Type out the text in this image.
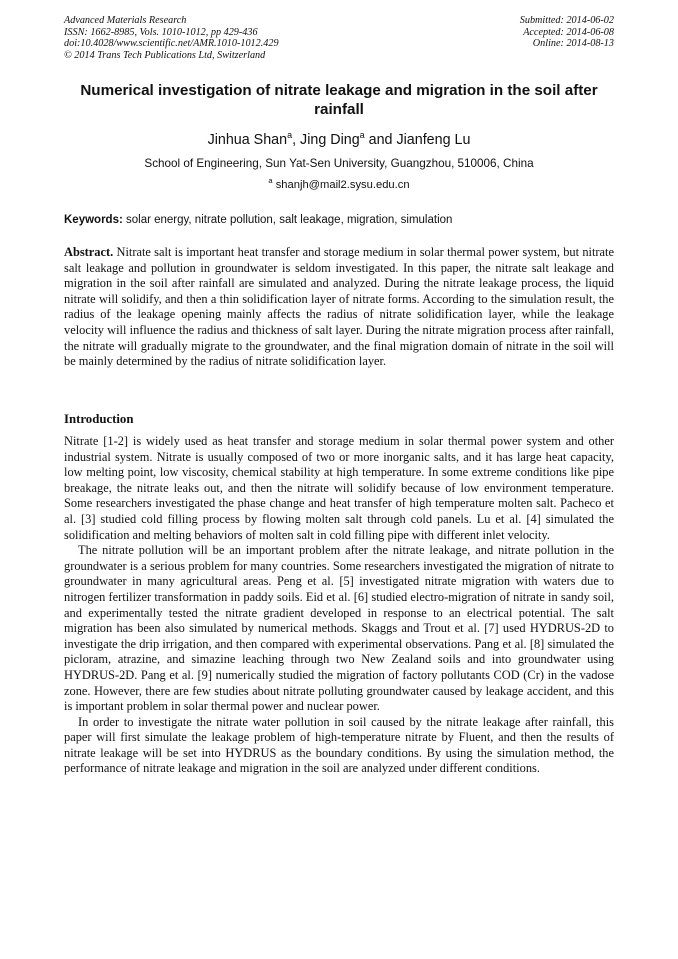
Advanced Materials Research
ISSN: 1662-8985, Vols. 1010-1012, pp 429-436
doi:10.4028/www.scientific.net/AMR.1010-1012.429
© 2014 Trans Tech Publications Ltd, Switzerland
Submitted: 2014-06-02
Accepted: 2014-06-08
Online: 2014-08-13
Numerical investigation of nitrate leakage and migration in the soil after rainfall
Jinhua Shan$^a$, Jing Ding$^a$ and Jianfeng Lu
School of Engineering, Sun Yat-Sen University, Guangzhou, 510006, China
$^a$ shanjh@mail2.sysu.edu.cn
Keywords: solar energy, nitrate pollution, salt leakage, migration, simulation
Abstract. Nitrate salt is important heat transfer and storage medium in solar thermal power system, but nitrate salt leakage and pollution in groundwater is seldom investigated. In this paper, the nitrate salt leakage and migration in the soil after rainfall are simulated and analyzed. During the nitrate leakage process, the liquid nitrate will solidify, and then a thin solidification layer of nitrate forms. According to the simulation result, the radius of the leakage opening mainly affects the radius of nitrate solidification layer, while the leakage velocity will influence the radius and thickness of salt layer. During the nitrate migration process after rainfall, the nitrate will gradually migrate to the groundwater, and the final migration domain of nitrate in the soil will be mainly determined by the radius of nitrate solidification layer.
Introduction

Nitrate [1-2] is widely used as heat transfer and storage medium in solar thermal power system and other industrial system. Nitrate is usually composed of two or more inorganic salts, and it has large heat capacity, low melting point, low viscosity, chemical stability at high temperature. In some extreme conditions like pipe breakage, the nitrate leaks out, and then the nitrate will solidify because of low environment temperature. Some researchers investigated the phase change and heat transfer of high temperature molten salt. Pacheco et al. [3] studied cold filling process by flowing molten salt through cold panels. Lu et al. [4] simulated the solidification and melting behaviors of molten salt in cold filling pipe with different inlet velocity.

The nitrate pollution will be an important problem after the nitrate leakage, and nitrate pollution in the groundwater is a serious problem for many countries. Some researchers investigated the migration of nitrate to groundwater in many agricultural areas. Peng et al. [5] investigated nitrate migration with waters due to nitrogen fertilizer transformation in paddy soils. Eid et al. [6] studied electro-migration of nitrate in sandy soil, and experimentally tested the nitrate gradient developed in response to an electrical potential. The salt migration has been also simulated by numerical methods. Skaggs and Trout et al. [7] used HYDRUS-2D to investigate the drip irrigation, and then compared with experimental observations. Pang et al. [8] simulated the picloram, atrazine, and simazine leaching through two New Zealand soils and into groundwater using HYDRUS-2D. Pang et al. [9] numerically studied the migration of factory pollutants COD (Cr) in the vadose zone. However, there are few studies about nitrate polluting groundwater caused by leakage accident, and this is important problem in solar thermal power and nuclear power.

In order to investigate the nitrate water pollution in soil caused by the nitrate leakage after rainfall, this paper will first simulate the leakage problem of high-temperature nitrate by Fluent, and then the results of nitrate leakage will be set into HYDRUS as the boundary conditions. By using the simulation method, the performance of nitrate leakage and migration in the soil are analyzed under different conditions.
